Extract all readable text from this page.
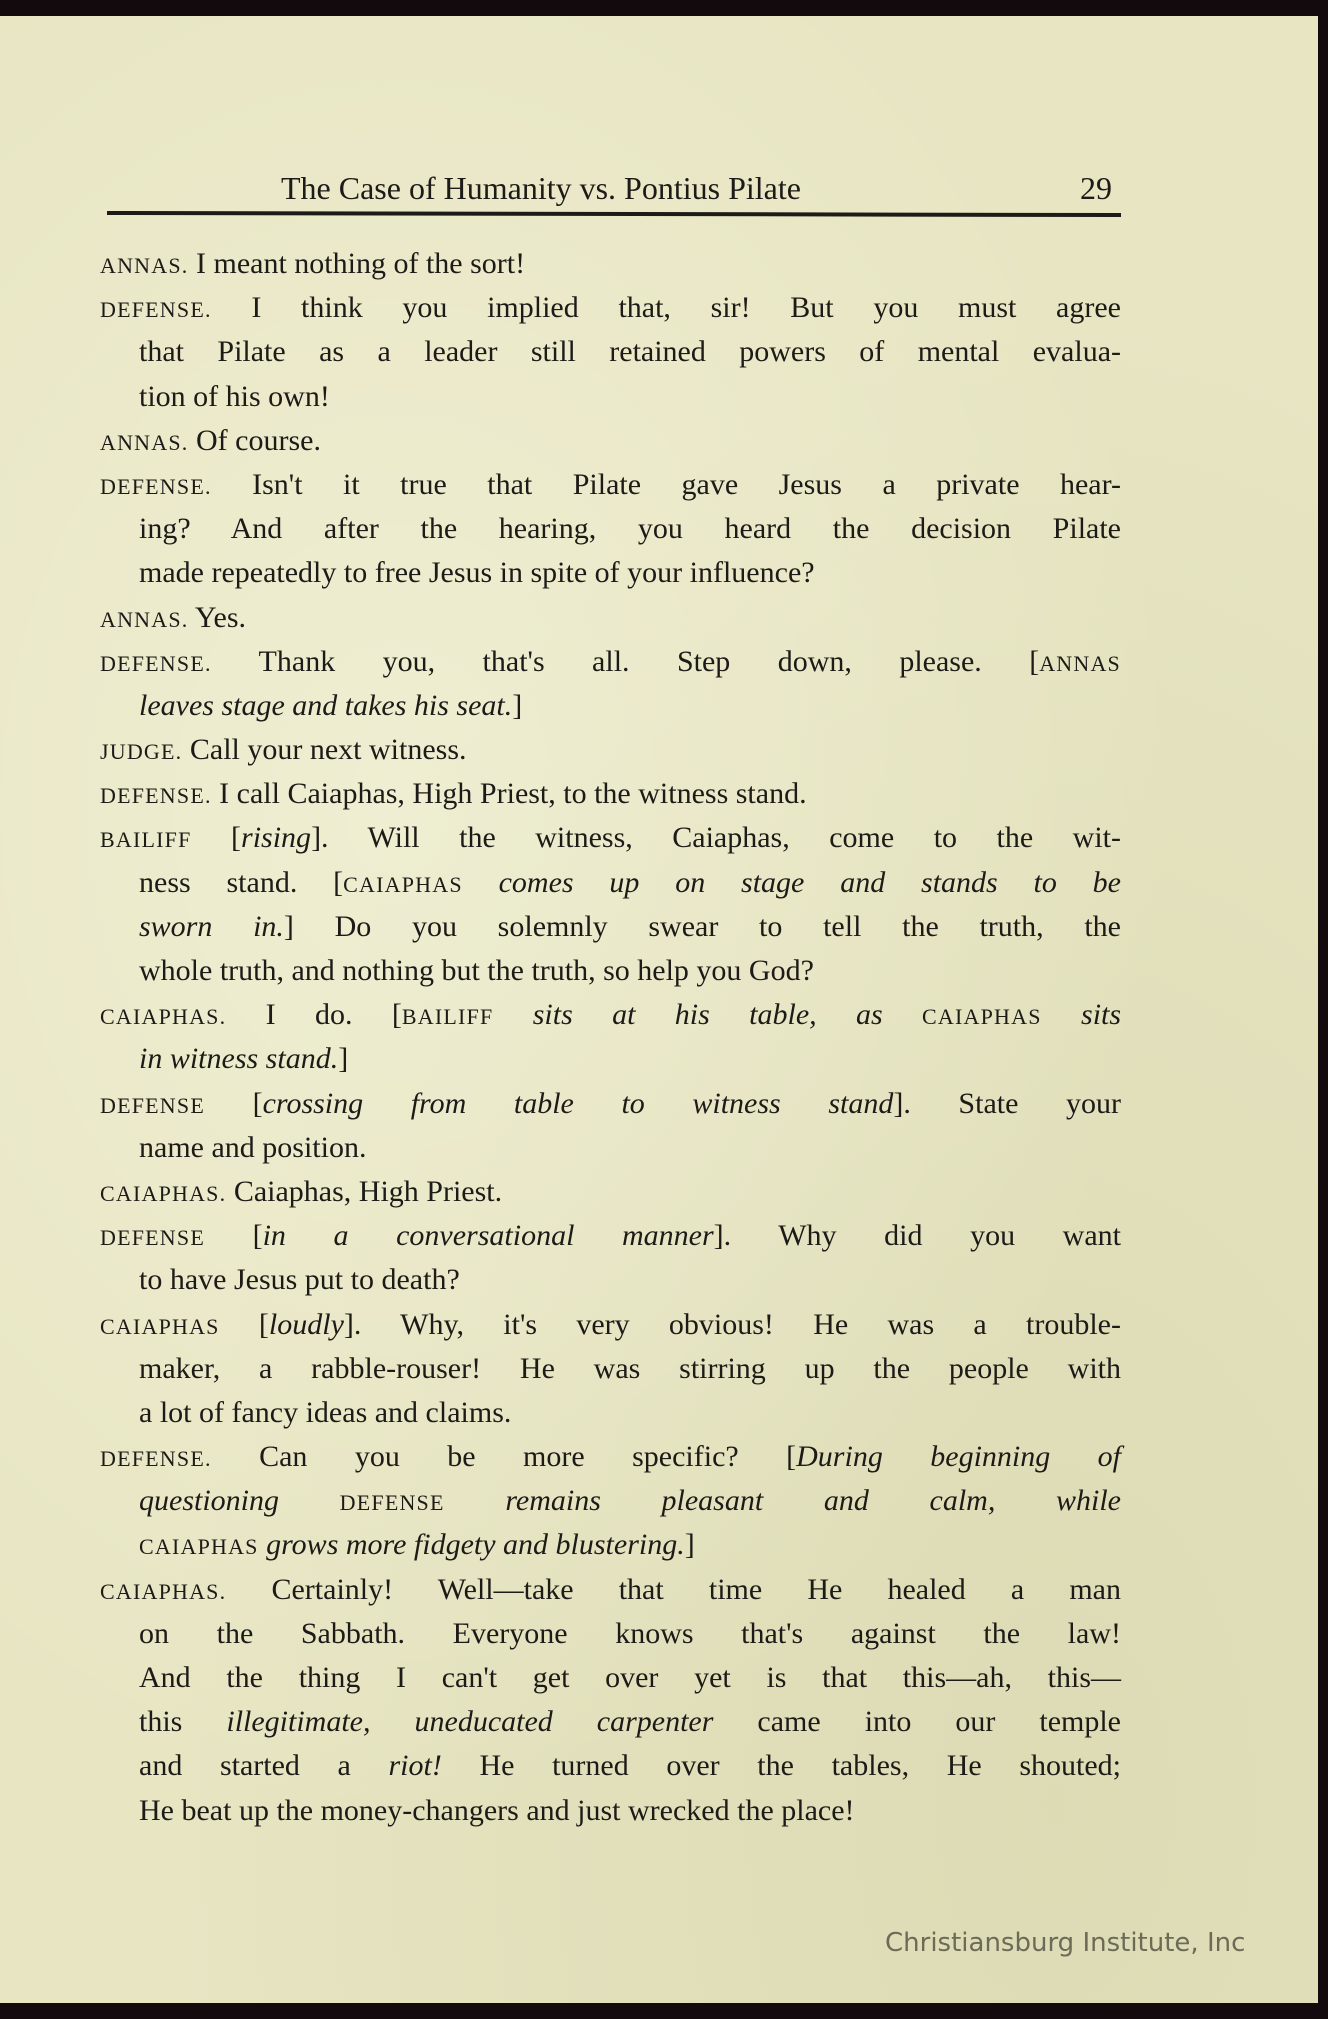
The Case of Humanity vs. Pontius Pilate	29
ANNAS. I meant nothing of the sort!
DEFENSE. I think you implied that, sir! But you must agree
that Pilate as a leader still retained powers of mental evalua-
tion of his own!
ANNAS. Of course.
DEFENSE. Isn't it true that Pilate gave Jesus a private hear-
ing? And after the hearing, you heard the decision Pilate
made repeatedly to free Jesus in spite of your influence?
ANNAS. Yes.
DEFENSE. Thank you, that's all. Step down, please. [ANNAS
leaves stage and takes his seat.]
JUDGE. Call your next witness.
DEFENSE. I call Caiaphas, High Priest, to the witness stand.
BAILIFF [rising]. Will the witness, Caiaphas, come to the wit-
ness stand. [CAIAPHAS comes up on stage and stands to be
sworn in.] Do you solemnly swear to tell the truth, the
whole truth, and nothing but the truth, so help you God?
CAIAPHAS. I do. [BAILIFF sits at his table, as CAIAPHAS sits
in witness stand.]
DEFENSE [crossing from table to witness stand]. State your
name and position.
CAIAPHAS. Caiaphas, High Priest.
DEFENSE [in a conversational manner]. Why did you want
to have Jesus put to death?
CAIAPHAS [loudly]. Why, it's very obvious! He was a trouble-
maker, a rabble-rouser! He was stirring up the people with
a lot of fancy ideas and claims.
DEFENSE. Can you be more specific? [During beginning of
questioning	DEFENSE remains pleasant and calm, while
CAIAPHAS grows more fidgety and blustering.]
CAIAPHAS. Certainly! Well—take that time He healed a man
on the Sabbath. Everyone knows that's against the law!
And the thing I can't get over yet is that this—ah, this—
this illegitimate, uneducated carpenter came into our temple
and started a riot! He turned over the tables, He shouted;
He beat up the money-changers and just wrecked the place!
Christiansburg Institute, Inc
